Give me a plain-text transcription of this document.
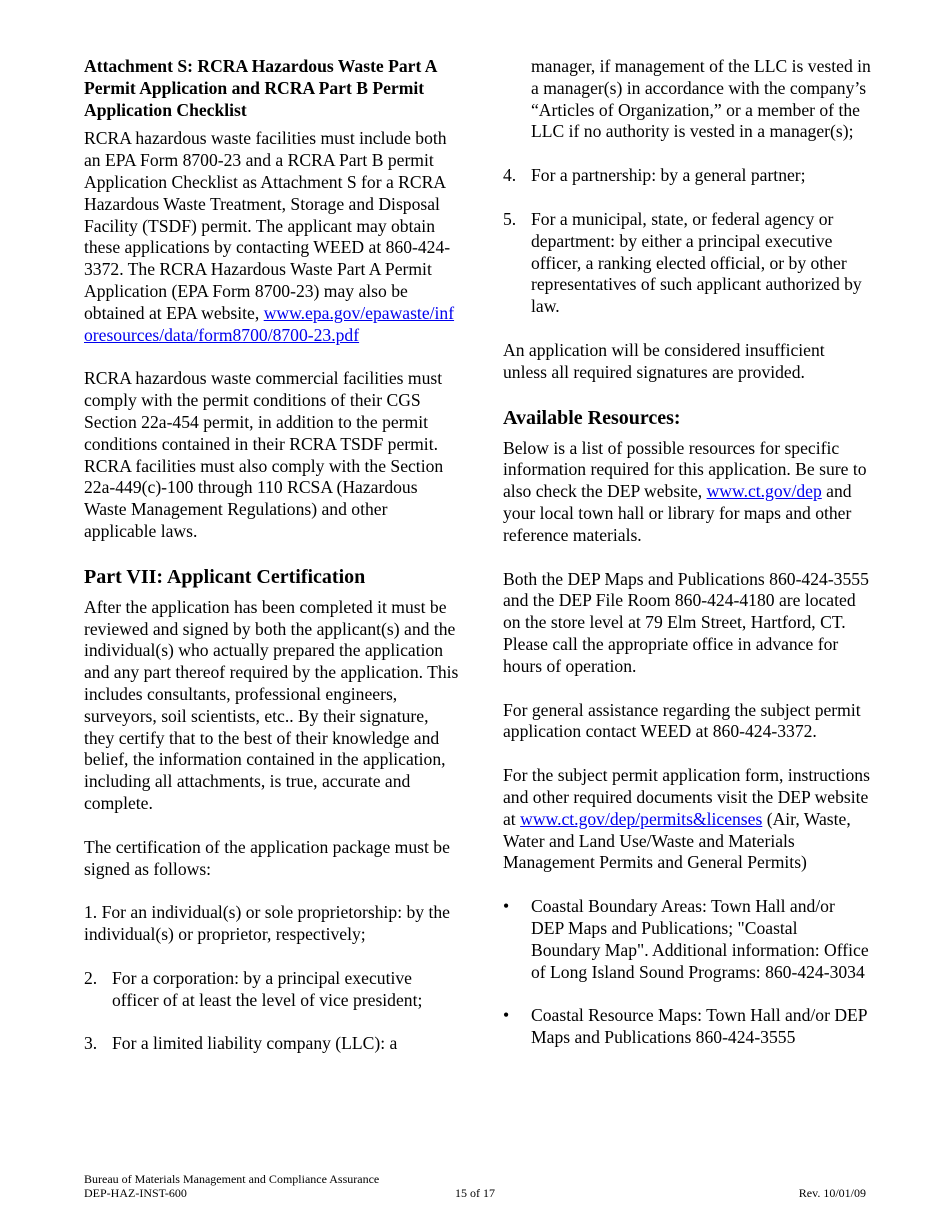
Attachment S: RCRA Hazardous Waste Part A Permit Application and RCRA Part B Permit Application Checklist
RCRA hazardous waste facilities must include both an EPA Form 8700-23 and a RCRA Part B permit Application Checklist as Attachment S for a RCRA Hazardous Waste Treatment, Storage and Disposal Facility (TSDF) permit. The applicant may obtain these applications by contacting WEED at 860-424-3372. The RCRA Hazardous Waste Part A Permit Application (EPA Form 8700-23) may also be obtained at EPA website, www.epa.gov/epawaste/inforesources/data/form8700/8700-23.pdf
RCRA hazardous waste commercial facilities must comply with the permit conditions of their CGS Section 22a-454 permit, in addition to the permit conditions contained in their RCRA TSDF permit. RCRA facilities must also comply with the Section 22a-449(c)-100 through 110 RCSA (Hazardous Waste Management Regulations) and other applicable laws.
Part VII: Applicant Certification
After the application has been completed it must be reviewed and signed by both the applicant(s) and the individual(s) who actually prepared the application and any part thereof required by the application. This includes consultants, professional engineers, surveyors, soil scientists, etc.. By their signature, they certify that to the best of their knowledge and belief, the information contained in the application, including all attachments, is true, accurate and complete.
The certification of the application package must be signed as follows:
1. For an individual(s) or sole proprietorship: by the individual(s) or proprietor, respectively;
2. For a corporation: by a principal executive officer of at least the level of vice president;
3. For a limited liability company (LLC): a
manager, if management of the LLC is vested in a manager(s) in accordance with the company’s “Articles of Organization,” or a member of the LLC if no authority is vested in a manager(s);
4. For a partnership: by a general partner;
5. For a municipal, state, or federal agency or department: by either a principal executive officer, a ranking elected official, or by other representatives of such applicant authorized by law.
An application will be considered insufficient unless all required signatures are provided.
Available Resources:
Below is a list of possible resources for specific information required for this application. Be sure to also check the DEP website, www.ct.gov/dep and your local town hall or library for maps and other reference materials.
Both the DEP Maps and Publications 860-424-3555 and the DEP File Room 860-424-4180 are located on the store level at 79 Elm Street, Hartford, CT. Please call the appropriate office in advance for hours of operation.
For general assistance regarding the subject permit application contact WEED at 860-424-3372.
For the subject permit application form, instructions and other required documents visit the DEP website at www.ct.gov/dep/permits&licenses (Air, Waste, Water and Land Use/Waste and Materials Management Permits and General Permits)
• Coastal Boundary Areas: Town Hall and/or DEP Maps and Publications; "Coastal Boundary Map". Additional information: Office of Long Island Sound Programs: 860-424-3034
• Coastal Resource Maps: Town Hall and/or DEP Maps and Publications 860-424-3555
Bureau of Materials Management and Compliance Assurance
DEP-HAZ-INST-600	15 of 17	Rev. 10/01/09
